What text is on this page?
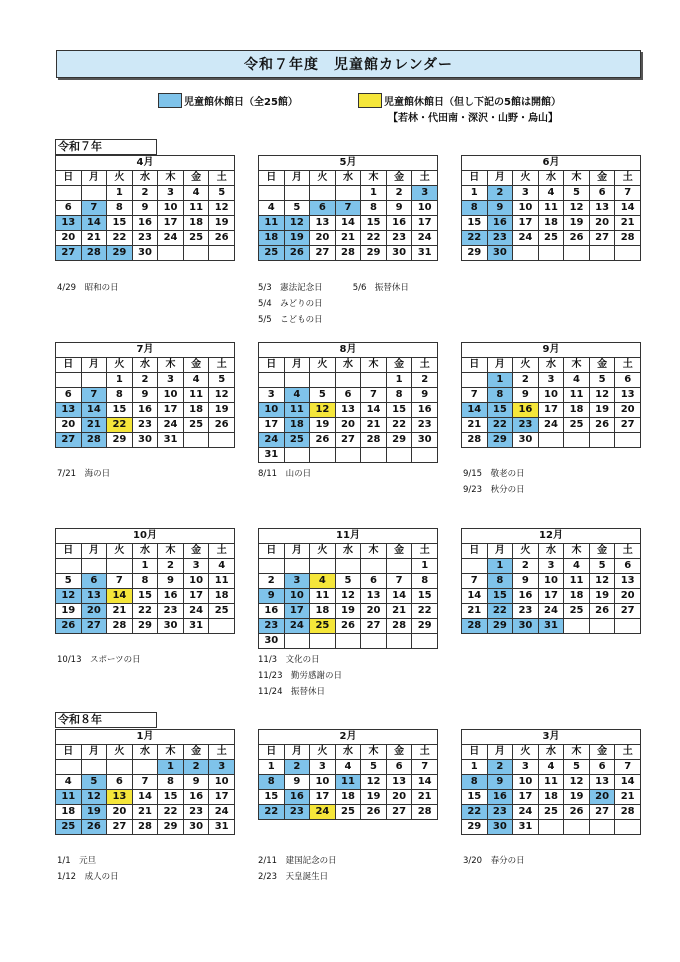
令和７年度　児童館カレンダー
児童館休館日（全25館）	児童館休館日（但し下記の5館は開館）
【若林・代田南・深沢・山野・烏山】
令和７年
令和８年
4月						
日	月	火	水	木	金	土
		1	2	3	4	5
6	7	8	9	10	11	12
13	14	15	16	17	18	19
20	21	22	23	24	25	26
27	28	29	30			
5月						
日	月	火	水	木	金	土
				1	2	3
4	5	6	7	8	9	10
11	12	13	14	15	16	17
18	19	20	21	22	23	24
25	26	27	28	29	30	31
6月						
日	月	火	水	木	金	土
1	2	3	4	5	6	7
8	9	10	11	12	13	14
15	16	17	18	19	20	21
22	23	24	25	26	27	28
29	30					
7月						
日	月	火	水	木	金	土
		1	2	3	4	5
6	7	8	9	10	11	12
13	14	15	16	17	18	19
20	21	22	23	24	25	26
27	28	29	30	31		
8月						
日	月	火	水	木	金	土
					1	2
3	4	5	6	7	8	9
10	11	12	13	14	15	16
17	18	19	20	21	22	23
24	25	26	27	28	29	30
31						
9月						
日	月	火	水	木	金	土
	1	2	3	4	5	6
7	8	9	10	11	12	13
14	15	16	17	18	19	20
21	22	23	24	25	26	27
28	29	30				
10月						
日	月	火	水	木	金	土
			1	2	3	4
5	6	7	8	9	10	11
12	13	14	15	16	17	18
19	20	21	22	23	24	25
26	27	28	29	30	31	
11月						
日	月	火	水	木	金	土
						1
2	3	4	5	6	7	8
9	10	11	12	13	14	15
16	17	18	19	20	21	22
23	24	25	26	27	28	29
30						
12月						
日	月	火	水	木	金	土
	1	2	3	4	5	6
7	8	9	10	11	12	13
14	15	16	17	18	19	20
21	22	23	24	25	26	27
28	29	30	31			
1月						
日	月	火	水	木	金	土
				1	2	3
4	5	6	7	8	9	10
11	12	13	14	15	16	17
18	19	20	21	22	23	24
25	26	27	28	29	30	31
2月						
日	月	火	水	木	金	土
1	2	3	4	5	6	7
8	9	10	11	12	13	14
15	16	17	18	19	20	21
22	23	24	25	26	27	28
3月						
日	月	火	水	木	金	土
1	2	3	4	5	6	7
8	9	10	11	12	13	14
15	16	17	18	19	20	21
22	23	24	25	26	27	28
29	30	31				
4/29　昭和の日	5/3　憲法記念日	5/6　振替休日
5/4　みどりの日
5/5　こどもの日
7/21　海の日	8/11　山の日	9/15　敬老の日
9/23　秋分の日
10/13　スポーツの日	11/3　文化の日
11/23　勤労感謝の日
11/24　振替休日
1/1　元旦
1/12　成人の日
2/11　建国記念の日
2/23　天皇誕生日
3/20　春分の日
